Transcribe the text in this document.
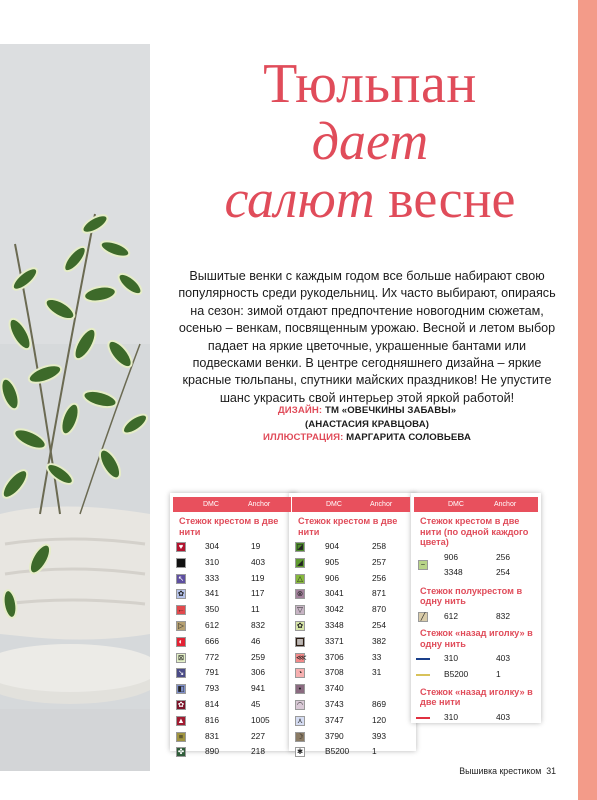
Тюльпан
дает
салют весне
Вышитые венки с каждым годом все больше набирают свою популярность среди рукодельниц. Их часто выбирают, опираясь на сезон: зимой отдают предпочтение новогодним сюжетам, осенью – венкам, посвященным урожаю. Весной и летом выбор падает на яркие цветочные, украшенные бантами или подвесками венки. В центре сегодняшнего дизайна – яркие красные тюльпаны, спутники майских праздников! Не упустите шанс украсить свой интерьер этой яркой работой!
ДИЗАЙН: ТМ «ОВЕЧКИНЫ ЗАБАВЫ»
(АНАСТАСИЯ КРАВЦОВА)
ИЛЛЮСТРАЦИЯ: МАРГАРИТА СОЛОВЬЕВА
DMC	Anchor
Стежок крестом в две нити
♥	304	19
310	403
↖ 333	119
✿ 341	117
← 350	11
▷	612	832
◐	666	46
⊠ 772	259
↘ 791	306
◧ 793	941
✿ 814	45
▲ 816	1005
≡	831	227
✤ 890	218
DMC	Anchor
Стежок крестом в две нити
◪	904	258
◢	905	257
△	906	256
⊗	3041	871
▽	3042	870
✿	3348	254
▦	3371	382
⋘ 3706	33
◔	3708	31
•	3740
◠	3743	869
⋏	3747	120
☽	3790	393
✱	B5200	1
DMC	Anchor
Стежок крестом в две нити (по одной каждого цвета)
−
906	256
3348	254
Стежок полукрестом в одну нить
╱	612	832
Стежок «назад иголку» в одну нить
310	403
B5200	1
Стежок «назад иголку» в две нити
310	403
Вышивка крестиком 31
PassionForum.ru
